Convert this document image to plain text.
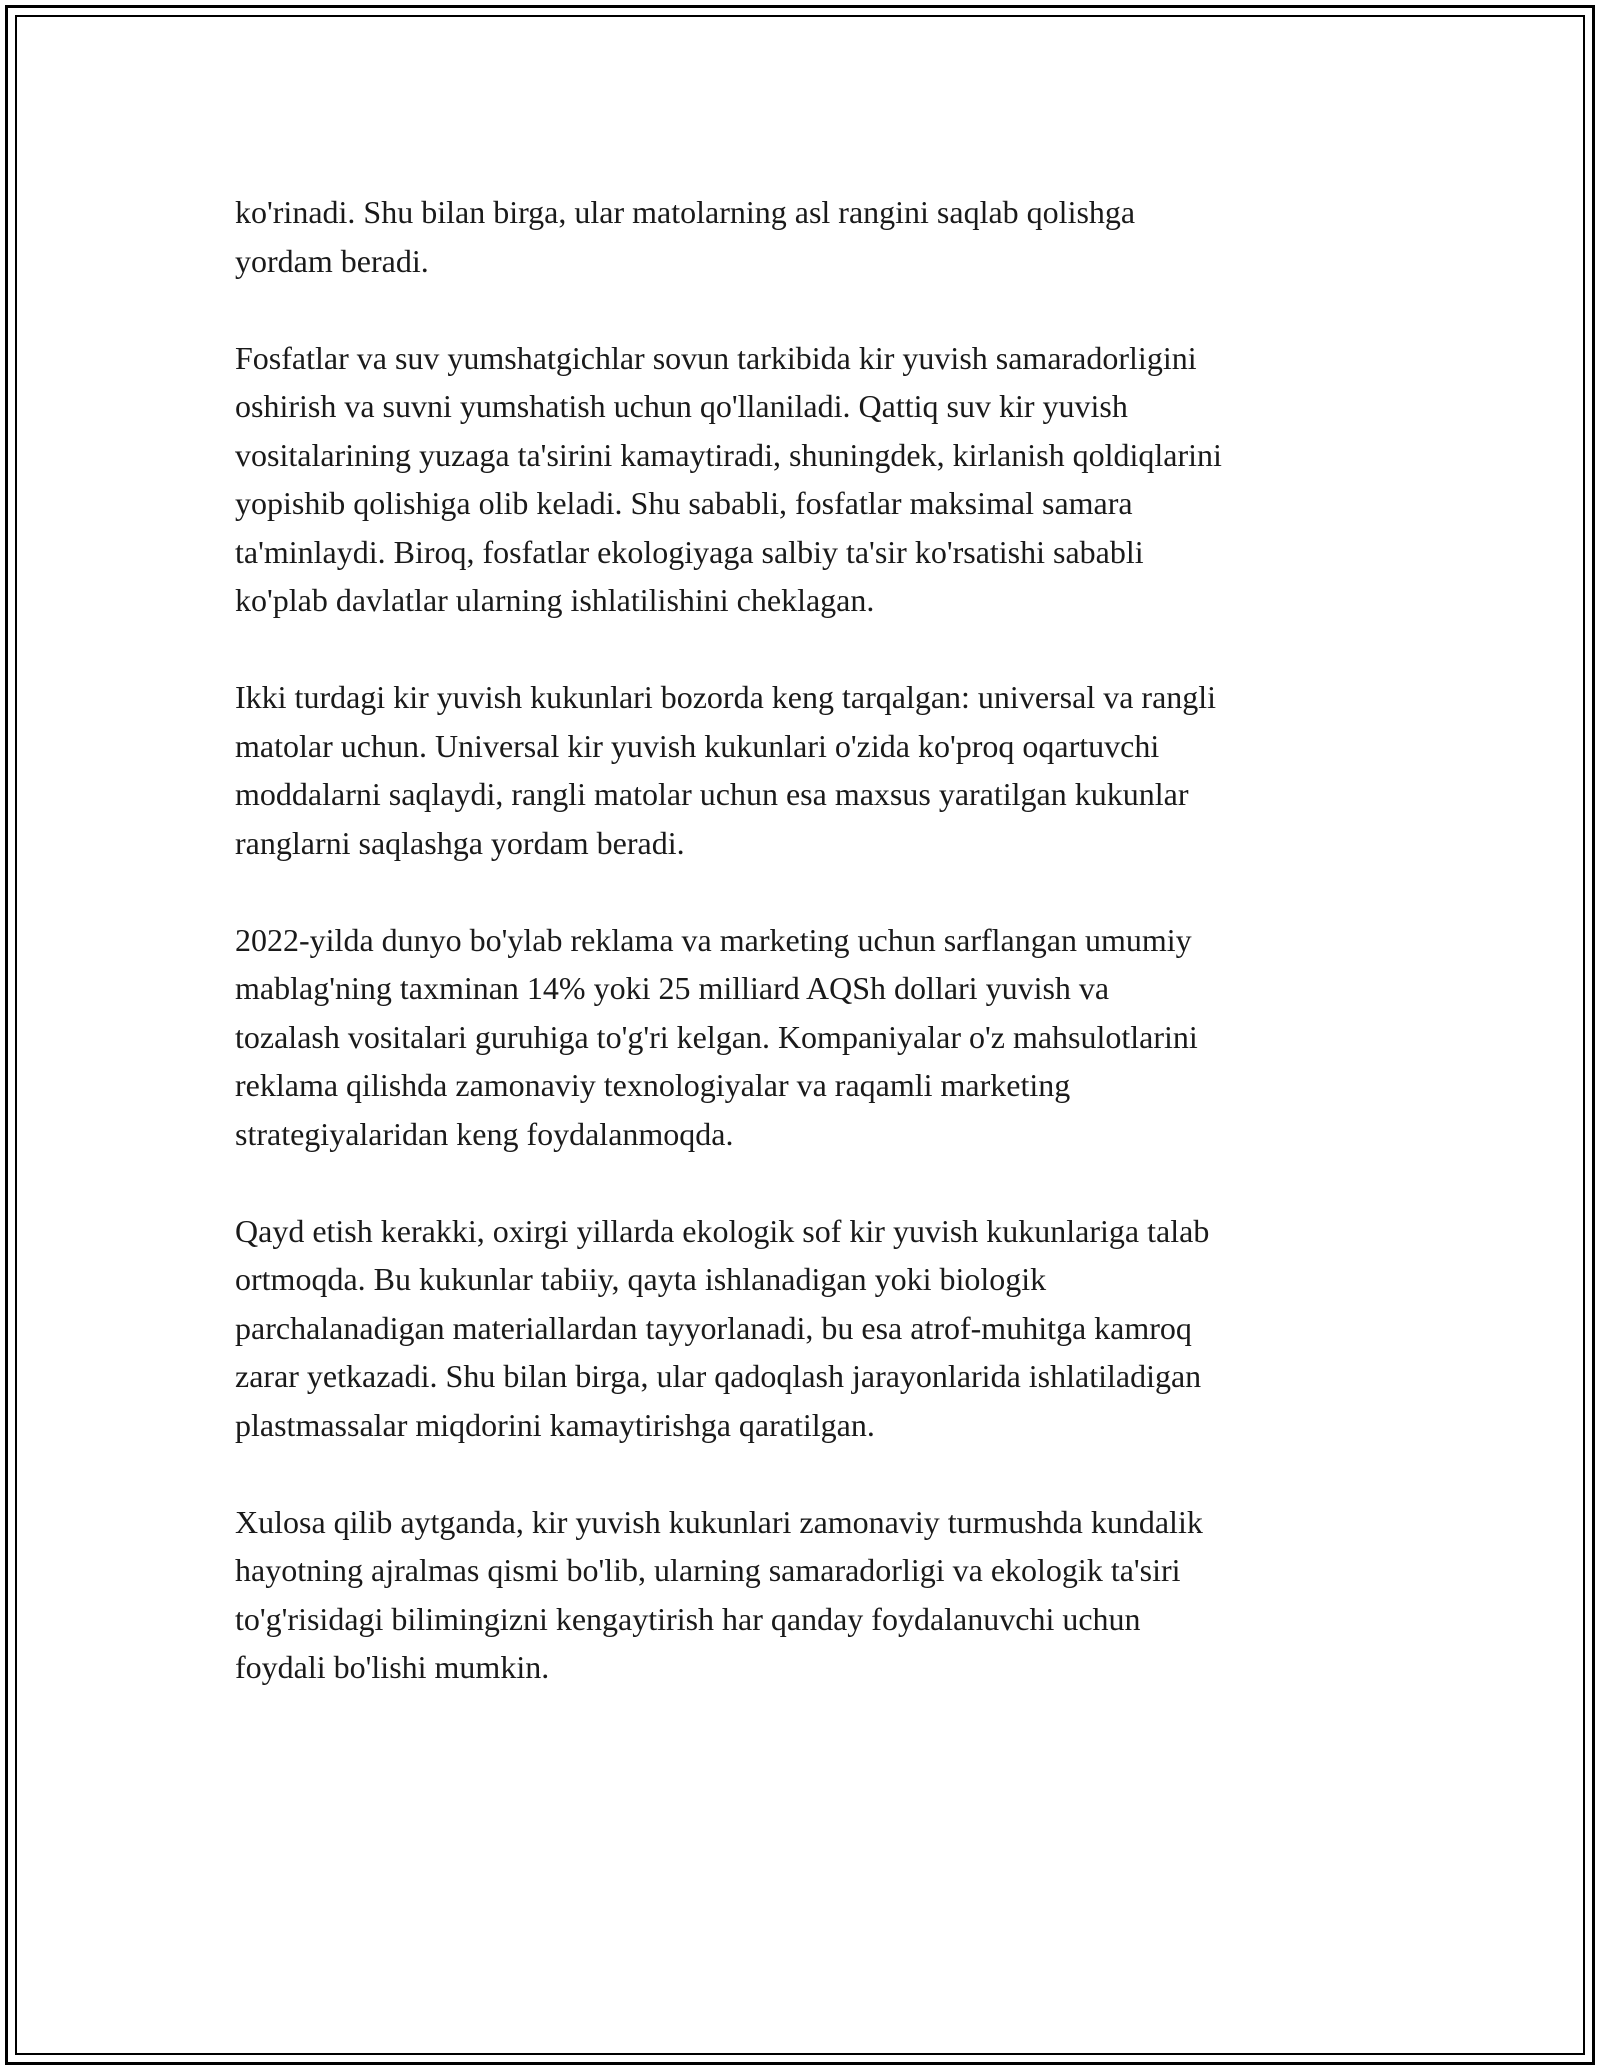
ko'rinadi. Shu bilan birga, ular matolarning asl rangini saqlab qolishga
yordam beradi.

Fosfatlar va suv yumshatgichlar sovun tarkibida kir yuvish samaradorligini
oshirish va suvni yumshatish uchun qo'llaniladi. Qattiq suv kir yuvish
vositalarining yuzaga ta'sirini kamaytiradi, shuningdek, kirlanish qoldiqlarini
yopishib qolishiga olib keladi. Shu sababli, fosfatlar maksimal samara
ta'minlaydi. Biroq, fosfatlar ekologiyaga salbiy ta'sir ko'rsatishi sababli
ko'plab davlatlar ularning ishlatilishini cheklagan.

Ikki turdagi kir yuvish kukunlari bozorda keng tarqalgan: universal va rangli
matolar uchun. Universal kir yuvish kukunlari o'zida ko'proq oqartuvchi
moddalarni saqlaydi, rangli matolar uchun esa maxsus yaratilgan kukunlar
ranglarni saqlashga yordam beradi.

2022-yilda dunyo bo'ylab reklama va marketing uchun sarflangan umumiy
mablag'ning taxminan 14% yoki 25 milliard AQSh dollari yuvish va
tozalash vositalari guruhiga to'g'ri kelgan. Kompaniyalar o'z mahsulotlarini
reklama qilishda zamonaviy texnologiyalar va raqamli marketing
strategiyalaridan keng foydalanmoqda.

Qayd etish kerakki, oxirgi yillarda ekologik sof kir yuvish kukunlariga talab
ortmoqda. Bu kukunlar tabiiy, qayta ishlanadigan yoki biologik
parchalanadigan materiallardan tayyorlanadi, bu esa atrof-muhitga kamroq
zarar yetkazadi. Shu bilan birga, ular qadoqlash jarayonlarida ishlatiladigan
plastmassalar miqdorini kamaytirishga qaratilgan.

Xulosa qilib aytganda, kir yuvish kukunlari zamonaviy turmushda kundalik
hayotning ajralmas qismi bo'lib, ularning samaradorligi va ekologik ta'siri
to'g'risidagi bilimingizni kengaytirish har qanday foydalanuvchi uchun
foydali bo'lishi mumkin.
